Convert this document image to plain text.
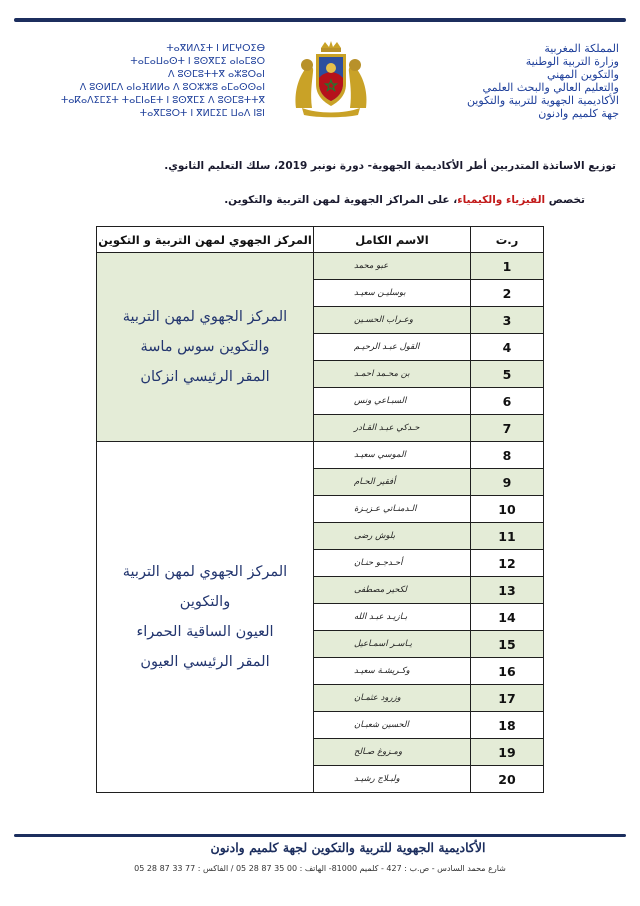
ⵜⴰⴳⵍⴷⵉⵜ ⵏ ⵍⵎⵖⵔⵉⴱ
ⵜⴰⵎⴰⵡⴰⵙⵜ ⵏ ⵓⵙⴳⵎⵉ ⴰⵏⴰⵎⵓⵔ
ⴷ ⵓⵙⵎⵓⵜⵜⴳ ⴰⵣⵓⵔⴰⵏ
ⴷ ⵓⵙⵍⵎⴷ ⴰⵏⴰⴼⵍⵍⴰ ⴷ ⵓⵔⵣⵣⵓ ⴰⵎⴰⵙⵙⴰⵏ
ⵜⴰⴽⴰⴷⵉⵎⵉⵜ ⵜⴰⵎⵏⴰⴹⵜ ⵏ ⵓⵙⴳⵎⵉ ⴷ ⵓⵙⵎⵓⵜⵜⴳ
ⵜⴰⴳⵎⵓⵔⵜ ⵏ ⴳⵍⵎⵉⵎ ⵡⴰⴷ ⵏⵓⵏ
المملكة المغربية
وزارة التربية الوطنية
والتكوين المهني
والتعليم العالي والبحث العلمي
الأكاديمية الجهوية للتربية والتكوين
جهة كلميم وادنون
توزيع الاساتذة المتدربين أطر الأكاديمية الجهوية- دورة نونبر 2019، سلك التعليم الثانوي.
تخصص الفيزياء والكيمياء، على المراكز الجهوية لمهن التربية والتكوين.
ر.ت	الاسم الكامل	المركز الجهوي لمهن التربية و التكوين
1	عبو محمد	المركز الجهوي لمهن التربية
والتكوين سوس ماسة
المقر الرئيسي انزكان

2	بوسليـن سعيـد	
3	وعـراب الحسـين	
4	القول عبـد الرحيـم	
5	بن محـمد احمـد	
6	السبـاعي ونس	
7	حـدكي عبـد القـادر	
8	الموسي سعيـد	المركز الجهوي لمهن التربية والتكوين
العيون الساقية الحمراء
المقر الرئيسي العيون

9	أفقير الحـام	
10	الـدمنـاتي عـزيـزة	
11	بلوش رضى	
12	أحـدجـو حنـان	
13	لكحير مصطفى	
14	بـازيـد عبـد الله	
15	يـاسـر اسمـاعيل	
16	وكـريشـة سعيـد	
17	وزرود عثمـان	
18	الحسين شعبـان	
19	ومـزوغ صـالح	
20	ولبـلاج رشيـد	
الأكاديمية الجهوية للتربية والتكوين لجهة كلميم وادنون
شارع محمد السادس - ص.ب : 427 - كلميم 81000- الهاتف : 00 35 87 28 05 / الفاكس : 77 33 87 28 05
